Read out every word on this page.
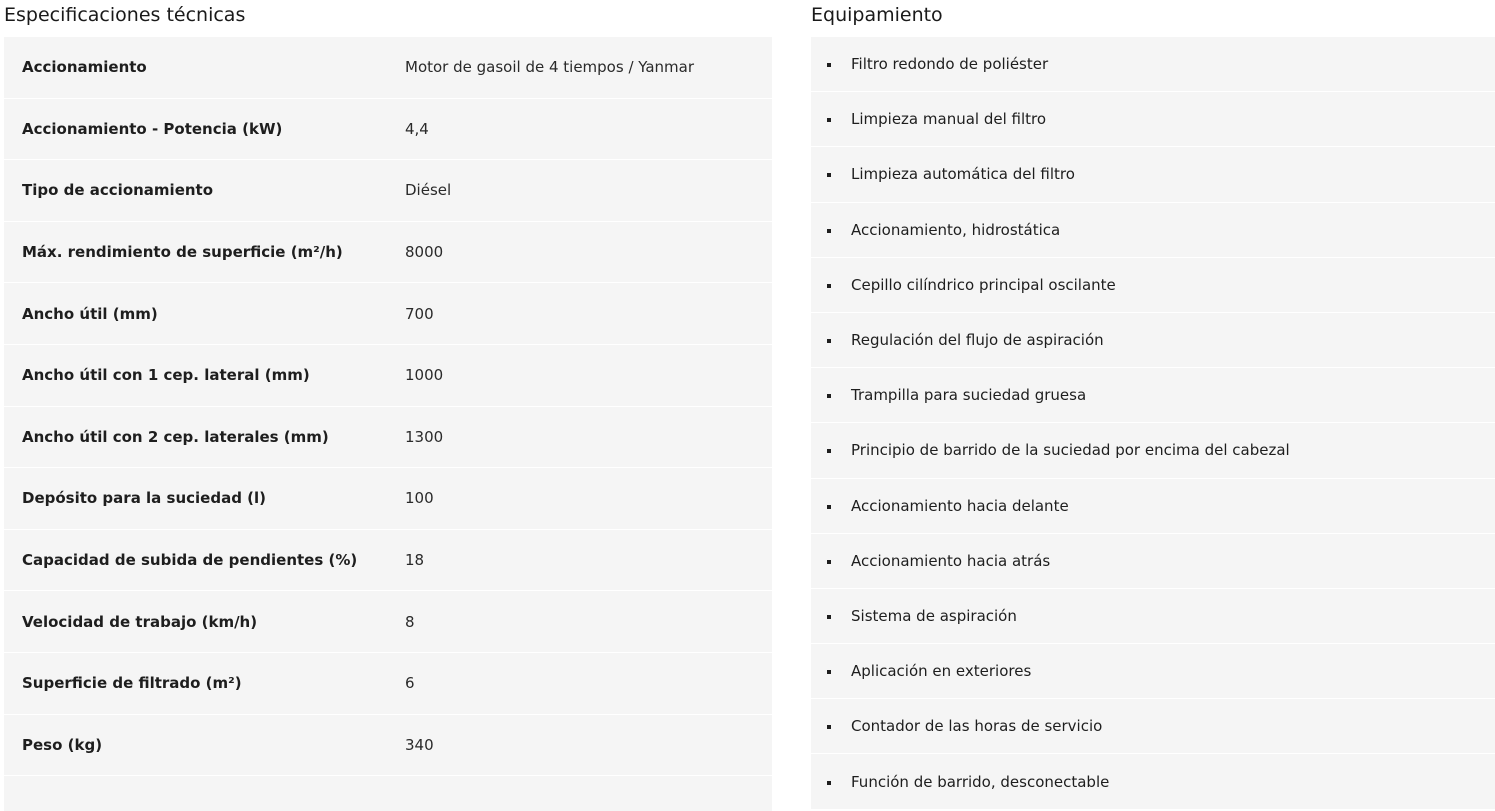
Especificaciones técnicas
Accionamiento	Motor de gasoil de 4 tiempos / Yanmar
Accionamiento - Potencia (kW)	4,4
Tipo de accionamiento	Diésel
Máx. rendimiento de superficie (m²/h)	8000
Ancho útil (mm)	700
Ancho útil con 1 cep. lateral (mm)	1000
Ancho útil con 2 cep. laterales (mm)	1300
Depósito para la suciedad (l)	100
Capacidad de subida de pendientes (%)	18
Velocidad de trabajo (km/h)	8
Superficie de filtrado (m²)	6
Peso (kg)	340
Equipamiento
Filtro redondo de poliéster
Limpieza manual del filtro
Limpieza automática del filtro
Accionamiento, hidrostática
Cepillo cilíndrico principal oscilante
Regulación del flujo de aspiración
Trampilla para suciedad gruesa
Principio de barrido de la suciedad por encima del cabezal
Accionamiento hacia delante
Accionamiento hacia atrás
Sistema de aspiración
Aplicación en exteriores
Contador de las horas de servicio
Función de barrido, desconectable
